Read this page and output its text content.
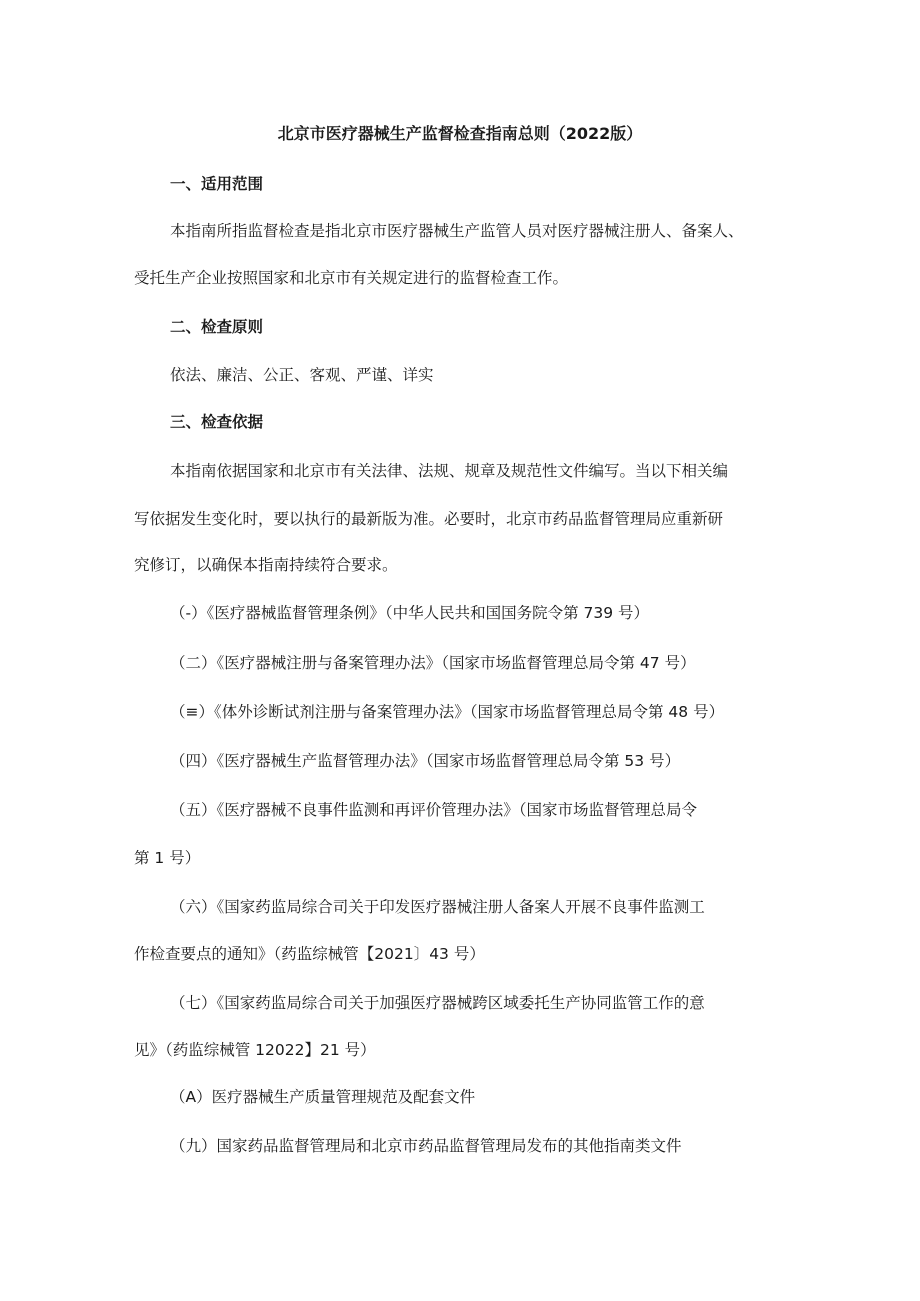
北京市医疗器械生产监督检查指南总则（2022版）
一、适用范围
本指南所指监督检查是指北京市医疗器械生产监管人员对医疗器械注册人、备案人、
受托生产企业按照国家和北京市有关规定进行的监督检查工作。
二、检查原则
依法、廉洁、公正、客观、严谨、详实
三、检查依据
本指南依据国家和北京市有关法律、法规、规章及规范性文件编写。当以下相关编
写依据发生变化时，要以执行的最新版为准。必要时，北京市药品监督管理局应重新研
究修订，以确保本指南持续符合要求。
（-）《医疗器械监督管理条例》（中华人民共和国国务院令第 739 号）
（二）《医疗器械注册与备案管理办法》（国家市场监督管理总局令第 47 号）
（≡）《体外诊断试剂注册与备案管理办法》（国家市场监督管理总局令第 48 号）
（四）《医疗器械生产监督管理办法》（国家市场监督管理总局令第 53 号）
（五）《医疗器械不良事件监测和再评价管理办法》（国家市场监督管理总局令
第 1 号）
（六）《国家药监局综合司关于印发医疗器械注册人备案人开展不良事件监测工
作检查要点的通知》（药监综械管【2021〕43 号）
（七）《国家药监局综合司关于加强医疗器械跨区域委托生产协同监管工作的意
见》（药监综械管 12022】21 号）
（A）医疗器械生产质量管理规范及配套文件
（九）国家药品监督管理局和北京市药品监督管理局发布的其他指南类文件
